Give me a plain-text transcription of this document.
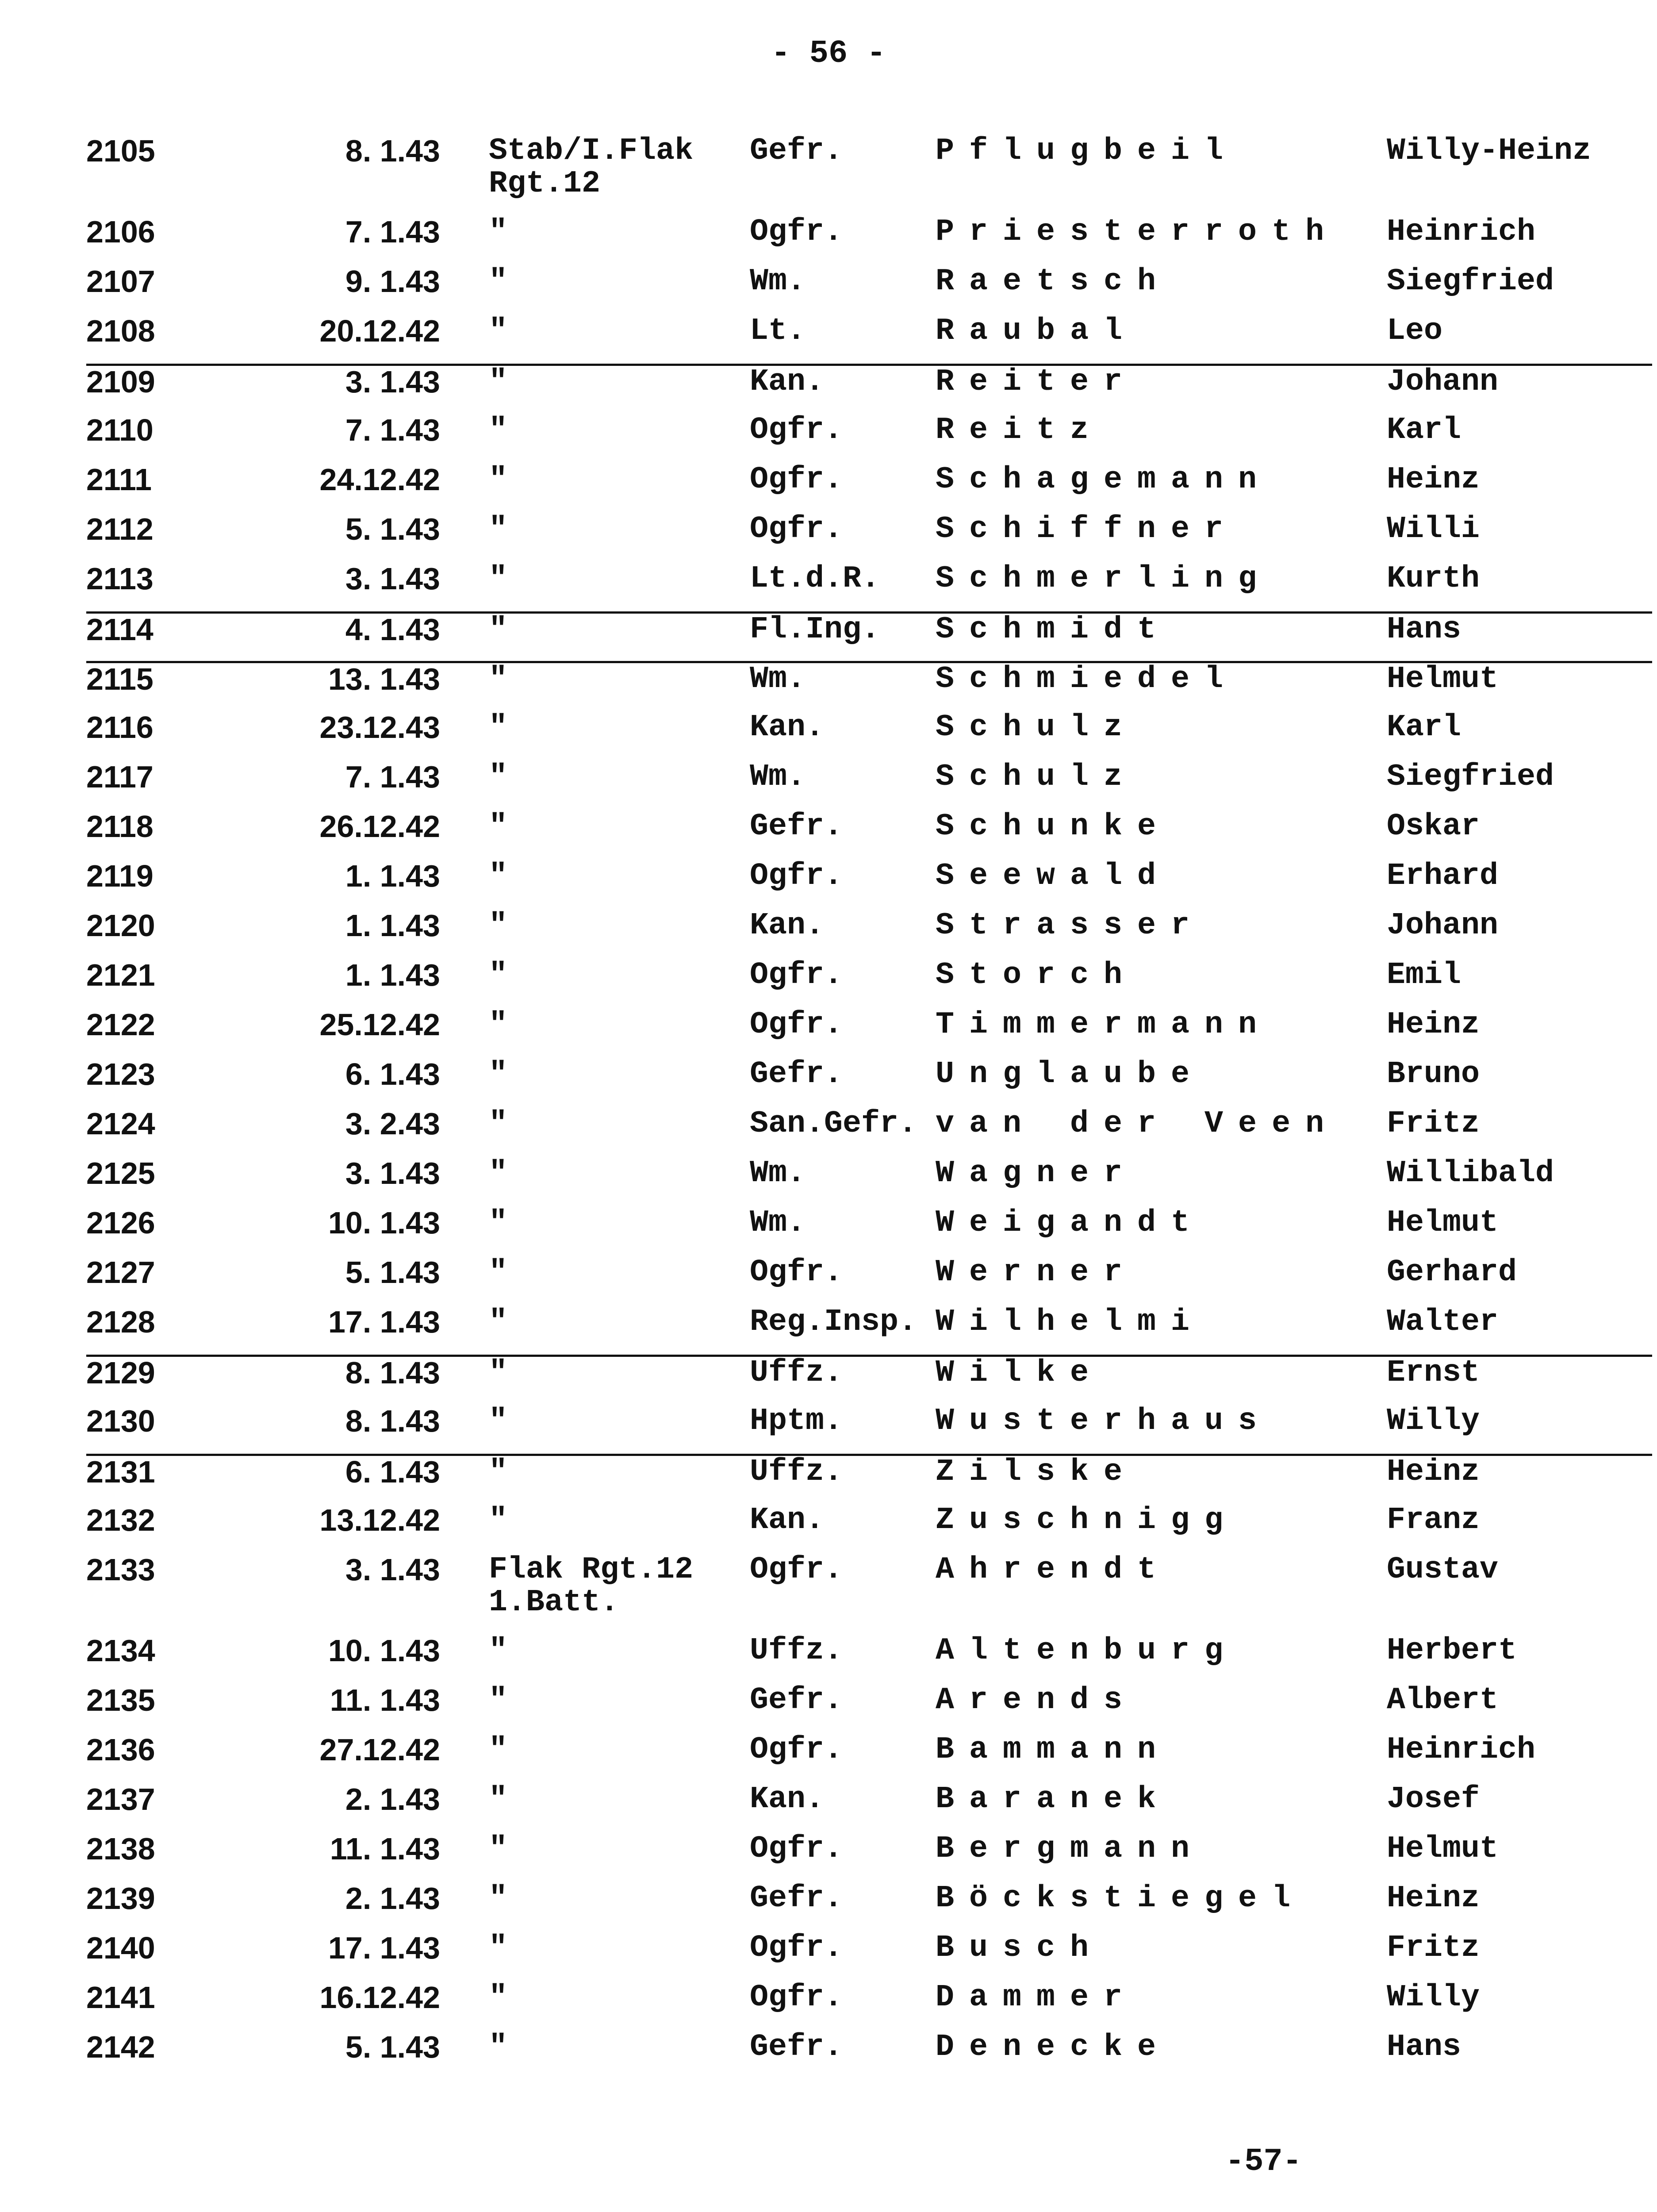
- 56 -
2105	8. 1.43	Stab/I.Flak
Rgt.12	Gefr.	Pflugbeil	Willy-Heinz
2106	7. 1.43	"	Ogfr.	Priesterroth	Heinrich
2107	9. 1.43	"	Wm.	Raetsch	Siegfried
2108	20.12.42	"	Lt.	Raubal	Leo
2109	3. 1.43	"	Kan.	Reiter	Johann
2110	7. 1.43	"	Ogfr.	Reitz	Karl
2111	24.12.42	"	Ogfr.	Schagemann	Heinz
2112	5. 1.43	"	Ogfr.	Schiffner	Willi
2113	3. 1.43	"	Lt.d.R.	Schmerling	Kurth
2114	4. 1.43	"	Fl.Ing.	Schmidt	Hans
2115	13. 1.43	"	Wm.	Schmiedel	Helmut
2116	23.12.43	"	Kan.	Schulz	Karl
2117	7. 1.43	"	Wm.	Schulz	Siegfried
2118	26.12.42	"	Gefr.	Schunke	Oskar
2119	1. 1.43	"	Ogfr.	Seewald	Erhard
2120	1. 1.43	"	Kan.	Strasser	Johann
2121	1. 1.43	"	Ogfr.	Storch	Emil
2122	25.12.42	"	Ogfr.	Timmermann	Heinz
2123	6. 1.43	"	Gefr.	Unglaube	Bruno
2124	3. 2.43	"	San.Gefr.	van der Veen	Fritz
2125	3. 1.43	"	Wm.	Wagner	Willibald
2126	10. 1.43	"	Wm.	Weigandt	Helmut
2127	5. 1.43	"	Ogfr.	Werner	Gerhard
2128	17. 1.43	"	Reg.Insp.	Wilhelmi	Walter
2129	8. 1.43	"	Uffz.	Wilke	Ernst
2130	8. 1.43	"	Hptm.	Wusterhaus	Willy
2131	6. 1.43	"	Uffz.	Zilske	Heinz
2132	13.12.42	"	Kan.	Zuschnigg	Franz
2133	3. 1.43	Flak Rgt.12
1.Batt.	Ogfr.	Ahrendt	Gustav
2134	10. 1.43	"	Uffz.	Altenburg	Herbert
2135	11. 1.43	"	Gefr.	Arends	Albert
2136	27.12.42	"	Ogfr.	Bammann	Heinrich
2137	2. 1.43	"	Kan.	Baranek	Josef
2138	11. 1.43	"	Ogfr.	Bergmann	Helmut
2139	2. 1.43	"	Gefr.	Böckstiegel	Heinz
2140	17. 1.43	"	Ogfr.	Busch	Fritz
2141	16.12.42	"	Ogfr.	Dammer	Willy
2142	5. 1.43	"	Gefr.	Denecke	Hans
-57-
